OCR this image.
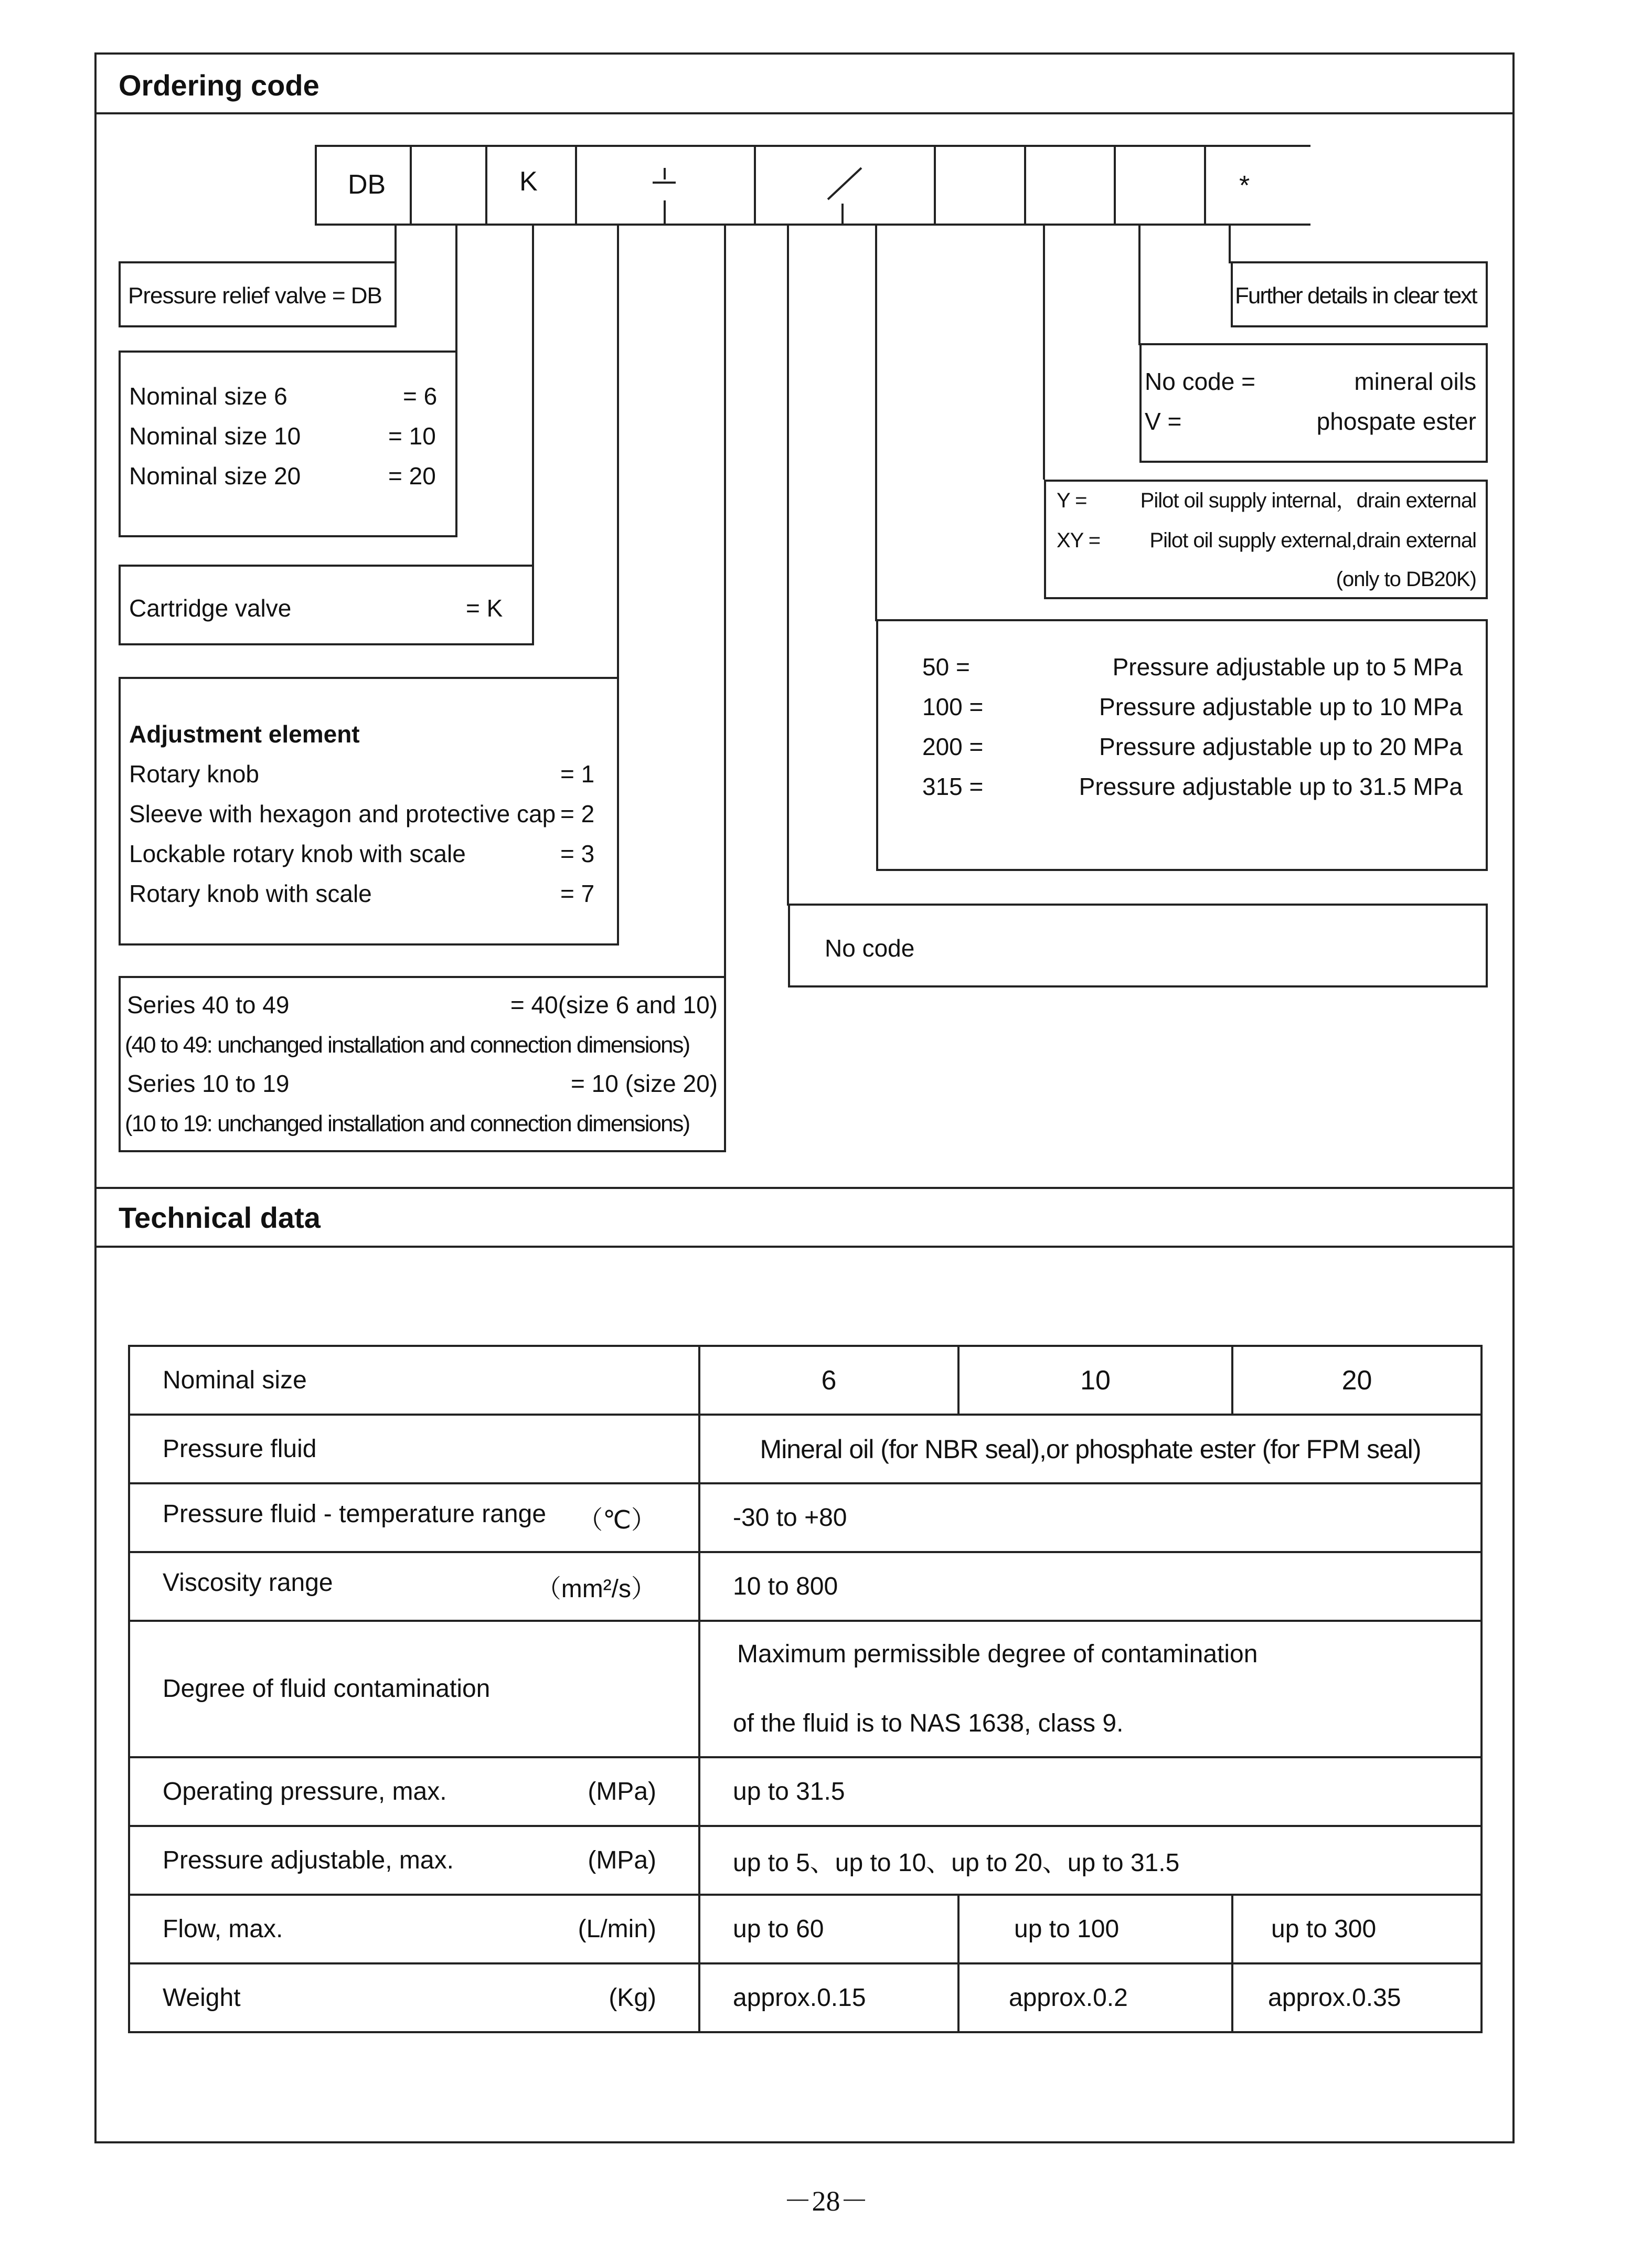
Ordering code
DB	K	*
Pressure relief valve = DB	Further details in clear text
Nominal size 6	= 6
Nominal size 10	= 10
Nominal size 20	= 20
No code =	mineral oils
V =	phospate ester
Y =	Pilot oil supply internal，drain external
XY = Pilot oil supply external,drain external
(only to DB20K)
Cartridge valve	= K
50 =	Pressure adjustable up to 5 MPa
100 =	Pressure adjustable up to 10 MPa
200 =	Pressure adjustable up to 20 MPa
315 =	Pressure adjustable up to 31.5 MPa
Adjustment element
Rotary knob	= 1
Sleeve with hexagon and protective cap = 2
Lockable rotary knob with scale	= 3
Rotary knob with scale	= 7
No code
Series 40 to 49	= 40(size 6 and 10)
(40 to 49: unchanged installation and connection dimensions)
Series 10 to 19	= 10 (size 20)
(10 to 19: unchanged installation and connection dimensions)
Technical data
Nominal size	6	10	20
Pressure fluid	Mineral oil (for NBR seal),or phosphate ester (for FPM seal)		

Pressure fluid - temperature range （℃）	-30 to +80		

Viscosity range （mm²/s）	10 to 800		
Degree of fluid contamination	Maximum permissible degree of contamination
of the fluid is to NAS 1638, class 9.		

Operating pressure, max. (MPa)	up to 31.5		

Pressure adjustable, max. (MPa)	up to 5、up to 10、up to 20、up to 31.5		

Flow, max. (L/min)	up to 60	up to 100	up to 300

Weight (Kg)	approx.0.15	approx.0.2	approx.0.35
－28－
